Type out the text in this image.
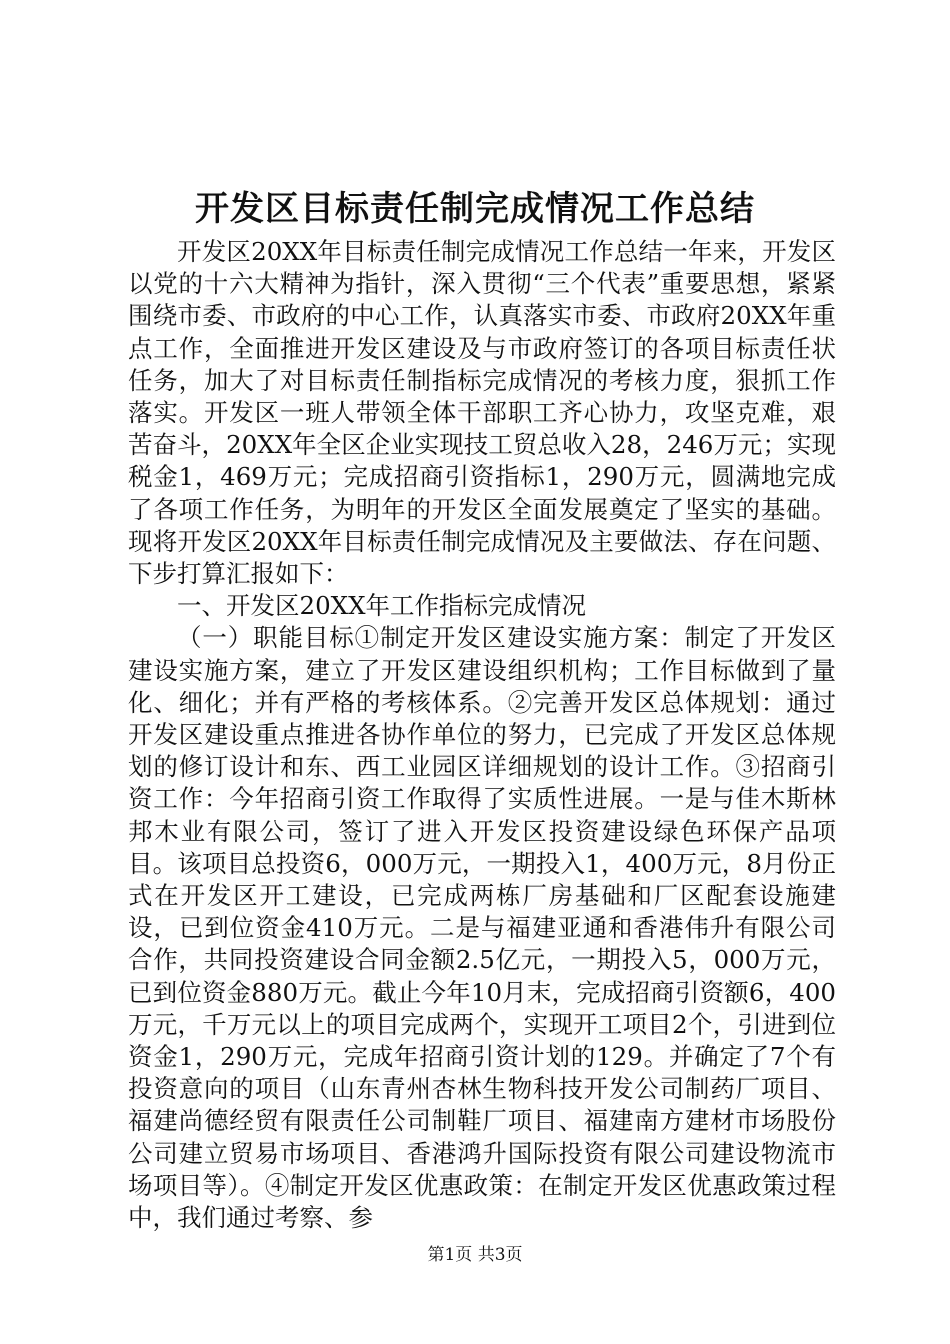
开发区目标责任制完成情况工作总结

开发区20XX年目标责任制完成情况工作总结一年来，开发区以党的十六大精神为指针，深入贯彻“三个代表”重要思想，紧紧围绕市委、市政府的中心工作，认真落实市委、市政府20XX年重点工作，全面推进开发区建设及与市政府签订的各项目标责任状任务，加大了对目标责任制指标完成情况的考核力度，狠抓工作落实。开发区一班人带领全体干部职工齐心协力，攻坚克难，艰苦奋斗，20XX年全区企业实现技工贸总收入28，246万元；实现税金1，469万元；完成招商引资指标1，290万元，圆满地完成了各项工作任务，为明年的开发区全面发展奠定了坚实的基础。现将开发区20XX年目标责任制完成情况及主要做法、存在问题、下步打算汇报如下：

一、开发区20XX年工作指标完成情况

（一）职能目标①制定开发区建设实施方案：制定了开发区建设实施方案，建立了开发区建设组织机构；工作目标做到了量化、细化；并有严格的考核体系。②完善开发区总体规划：通过开发区建设重点推进各协作单位的努力，已完成了开发区总体规划的修订设计和东、西工业园区详细规划的设计工作。③招商引资工作：今年招商引资工作取得了实质性进展。一是与佳木斯林邦木业有限公司，签订了进入开发区投资建设绿色环保产品项目。该项目总投资6，000万元，一期投入1，400万元，8月份正式在开发区开工建设，已完成两栋厂房基础和厂区配套设施建设，已到位资金410万元。二是与福建亚通和香港伟升有限公司合作，共同投资建设合同金额2.5亿元，一期投入5，000万元，已到位资金880万元。截止今年10月末，完成招商引资额6，400万元，千万元以上的项目完成两个，实现开工项目2个，引进到位资金1，290万元，完成年招商引资计划的129。并确定了7个有投资意向的项目（山东青州杏林生物科技开发公司制药厂项目、福建尚德经贸有限责任公司制鞋厂项目、福建南方建材市场股份公司建立贸易市场项目、香港鸿升国际投资有限公司建设物流市场项目等）。④制定开发区优惠政策：在制定开发区优惠政策过程中，我们通过考察、参

第1页 共3页
